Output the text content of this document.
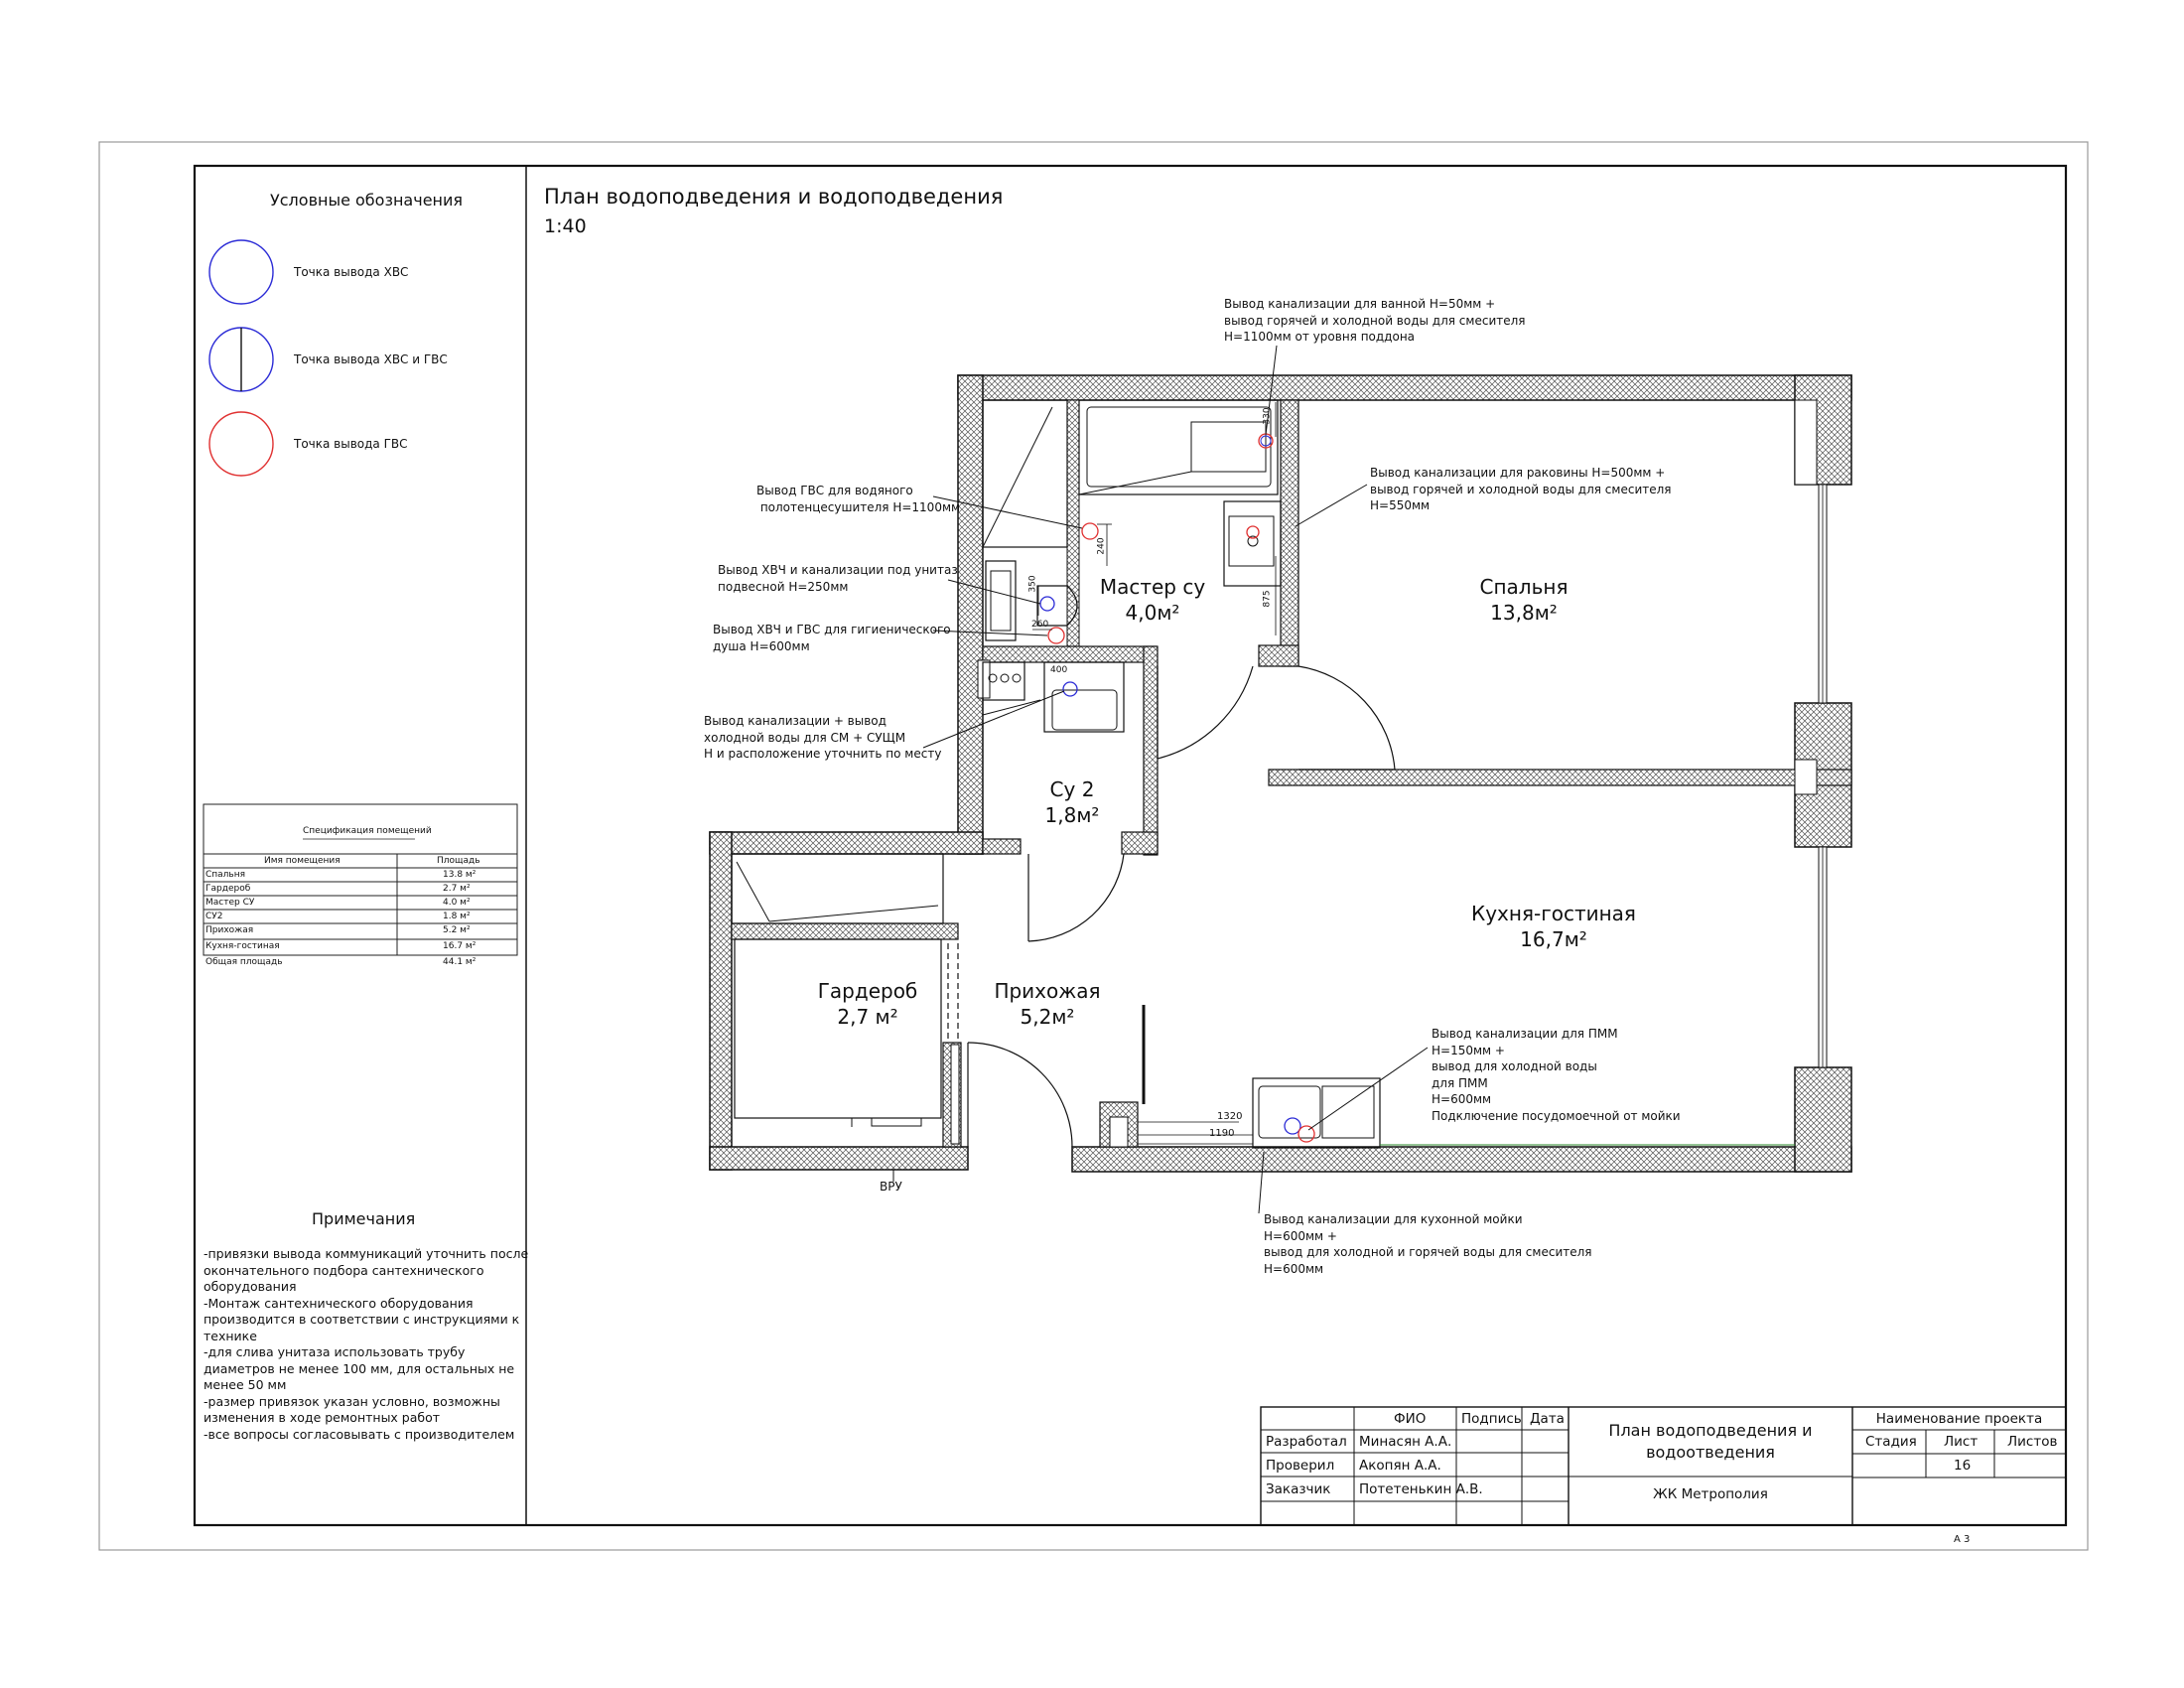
План водоподведения и водоподведения
1:40
Условные обозначения
Точка вывода ХВС
Точка вывода ХВС и ГВС
Точка вывода ГВС
Спецификация помещений
Имя помещения	Площадь
Спальня	13.8 м²
Гардероб	2.7 м²
Мастер СУ	4.0 м²
СУ2	1.8 м²
Прихожая	5.2 м²
Кухня-гостиная	16.7 м²
Общая площадь	44.1 м²
Примечания
-привязки вывода коммуникаций уточнить после
окончательного подбора сантехнического
оборудования
-Монтаж сантехнического оборудования
производится в соответствии с инструкциями к
технике
-для слива унитаза использовать трубу
диаметров не менее 100 мм, для остальных не
менее 50 мм
-размер привязок указан условно, возможны
изменения в ходе ремонтных работ
-все вопросы согласовывать с производителем
Мастер су
4,0м²
Спальня
13,8м²
Су 2
1,8м²
Кухня-гостиная
16,7м²
Гардероб
2,7 м²
Прихожая
5,2м²
Вывод канализации для ванной H=50мм +
вывод горячей и холодной воды для смесителя
H=1100мм от уровня поддона
Вывод канализации для раковины H=500мм +
вывод горячей и холодной воды для смесителя
H=550мм
Вывод ГВС для водяного
полотенцесушителя H=1100мм
Вывод ХВЧ и канализации под унитаз
подвесной H=250мм
Вывод ХВЧ и ГВС для гигиенического
душа H=600мм
Вывод канализации + вывод
холодной воды для СМ + СУЩМ
H и расположение уточнить по месту
Вывод канализации для ПММ
H=150мм +
вывод для холодной воды
для ПММ
H=600мм
Подключение посудомоечной от мойки
Вывод канализации для кухонной мойки
H=600мм +
вывод для холодной и горячей воды для смесителя
H=600мм
1320
1190
875
240
330
350
260
400
ВРУ
ФИО	Подпись Дата
Разработал Минасян А.А.
Проверил Акопян А.А.
Заказчик Потетенькин А.В.
План водоподведения и
водоотведения
ЖК Метрополия
Наименование проекта
Стадия Лист Листов
16
А 3
